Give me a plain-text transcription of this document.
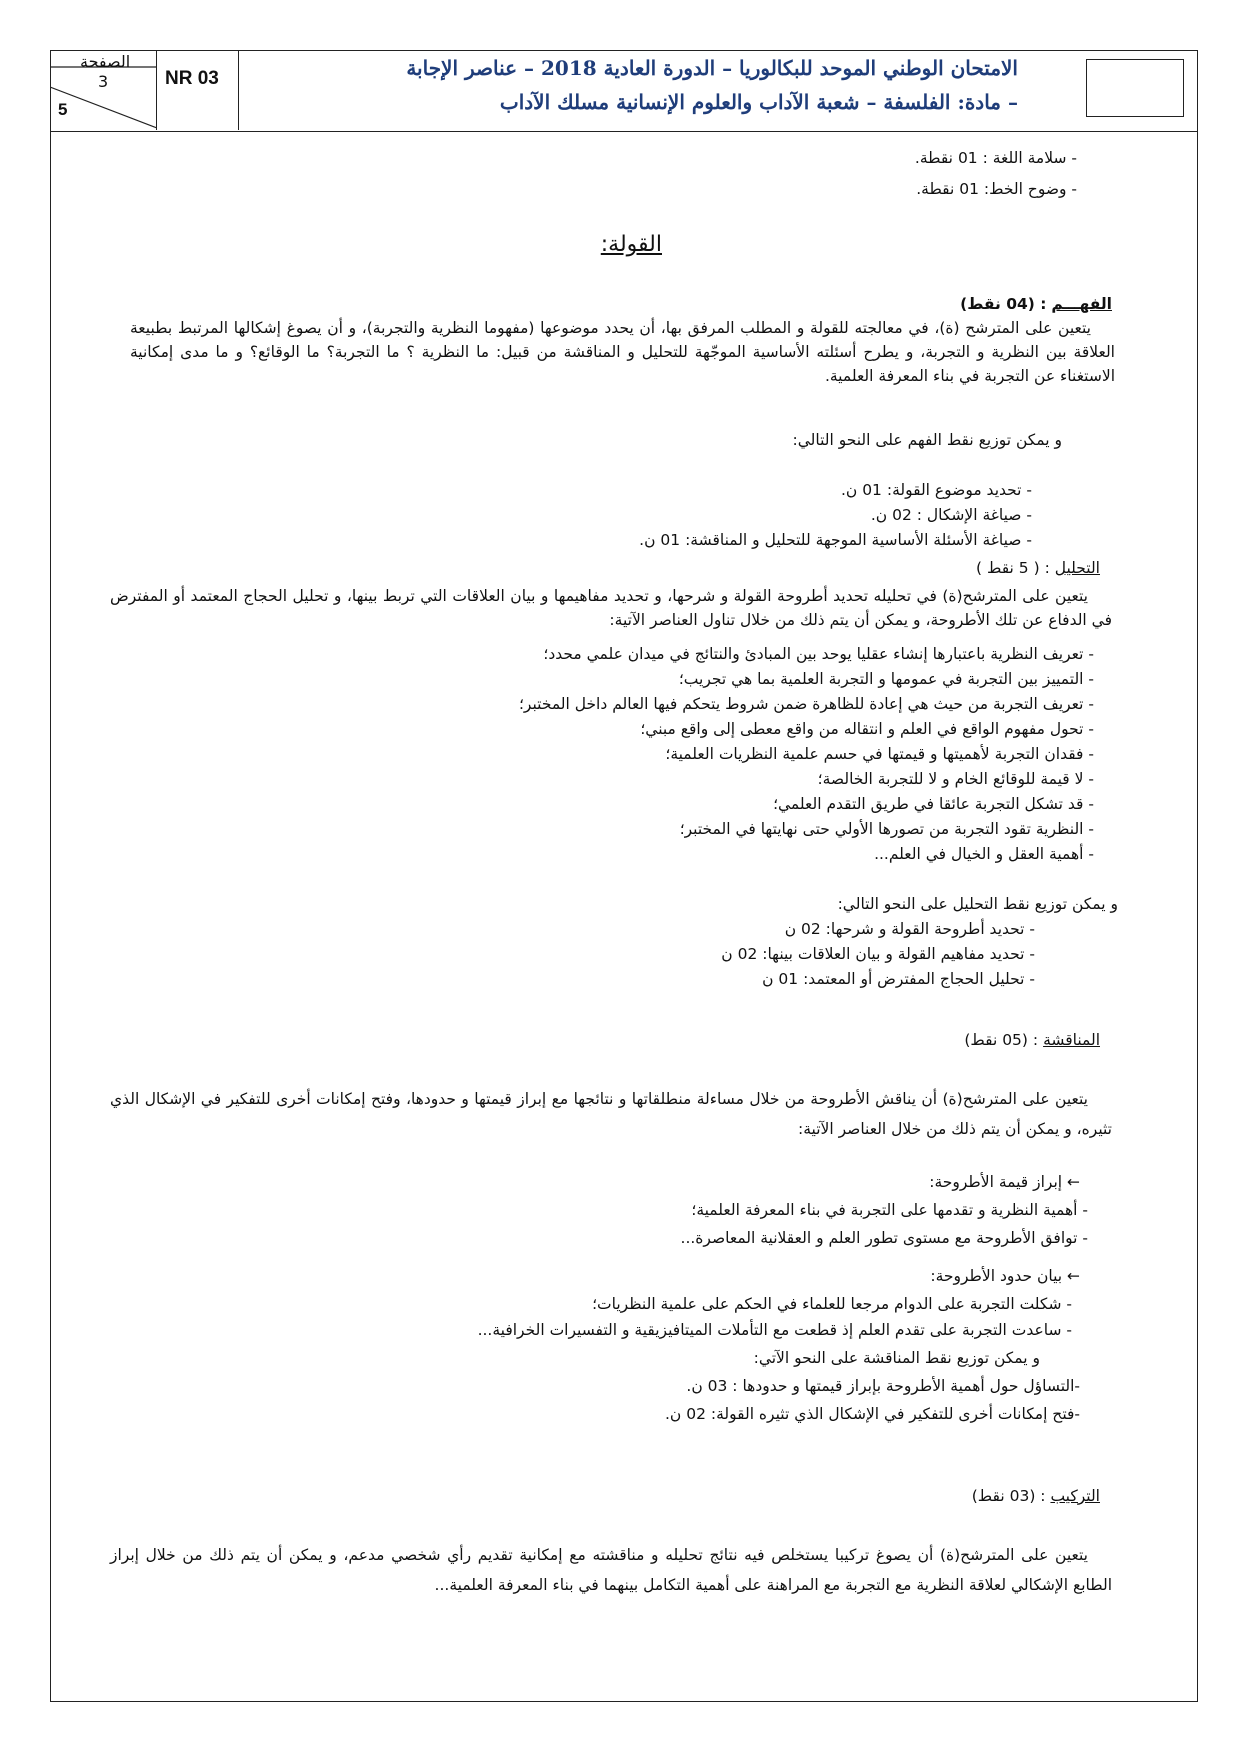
الصفحة
3
5
NR 03	الامتحان الوطني الموحد للبكالوريا – الدورة العادية 2018 – عناصر الإجابة
– مادة: الفلسفة – شعبة الآداب والعلوم الإنسانية مسلك الآداب
- سلامة اللغة : 01 نقطة.
- وضوح الخط: 01 نقطة.
القولة:
الفهـــم : (04 نقط)
يتعين على المترشح (ة)، في معالجته للقولة و المطلب المرفق بها، أن يحدد موضوعها (مفهوما النظرية والتجربة)، و أن يصوغ إشكالها المرتبط بطبيعة العلاقة بين النظرية و التجربة، و يطرح أسئلته الأساسية الموجّهة للتحليل و المناقشة من قبيل: ما النظرية ؟ ما التجربة؟ ما الوقائع؟ و ما مدى إمكانية الاستغناء عن التجربة في بناء المعرفة العلمية.
و يمكن توزيع نقط الفهم على النحو التالي:
- تحديد موضوع القولة: 01 ن.
- صياغة الإشكال : 02 ن.
- صياغة الأسئلة الأساسية الموجهة للتحليل و المناقشة: 01 ن.
التحليل : ( 5 نقط )
يتعين على المترشح(ة) في تحليله تحديد أطروحة القولة و شرحها، و تحديد مفاهيمها و بيان العلاقات التي تربط بينها، و تحليل الحجاج المعتمد أو المفترض في الدفاع عن تلك الأطروحة، و يمكن أن يتم ذلك من خلال تناول العناصر الآتية:
- تعريف النظرية باعتبارها إنشاء عقليا يوحد بين المبادئ والنتائج في ميدان علمي محدد؛
- التمييز بين التجربة في عمومها و التجربة العلمية بما هي تجريب؛
- تعريف التجربة من حيث هي إعادة للظاهرة ضمن شروط يتحكم فيها العالم داخل المختبر؛
- تحول مفهوم الواقع في العلم و انتقاله من واقع معطى إلى واقع مبني؛
- فقدان التجربة لأهميتها و قيمتها في حسم علمية النظريات العلمية؛
- لا قيمة للوقائع الخام و لا للتجربة الخالصة؛
- قد تشكل التجربة عائقا في طريق التقدم العلمي؛
- النظرية تقود التجربة من تصورها الأولي حتى نهايتها في المختبر؛
- أهمية العقل و الخيال في العلم...
و يمكن توزيع نقط التحليل على النحو التالي:
- تحديد أطروحة القولة و شرحها: 02 ن
- تحديد مفاهيم القولة و بيان العلاقات بينها: 02 ن
- تحليل الحجاج المفترض أو المعتمد: 01 ن
المناقشة : (05 نقط)
يتعين على المترشح(ة) أن يناقش الأطروحة من خلال مساءلة منطلقاتها و نتائجها مع إبراز قيمتها و حدودها، وفتح إمكانات أخرى للتفكير في الإشكال الذي تثيره، و يمكن أن يتم ذلك من خلال العناصر الآتية:
← إبراز قيمة الأطروحة:
- أهمية النظرية و تقدمها على التجربة في بناء المعرفة العلمية؛
- توافق الأطروحة مع مستوى تطور العلم و العقلانية المعاصرة...
← بيان حدود الأطروحة:
- شكلت التجربة على الدوام مرجعا للعلماء في الحكم على علمية النظريات؛
- ساعدت التجربة على تقدم العلم إذ قطعت مع التأملات الميتافيزيقية و التفسيرات الخرافية...
و يمكن توزيع نقط المناقشة على النحو الآتي:
-التساؤل حول أهمية الأطروحة بإبراز قيمتها و حدودها : 03 ن.
-فتح إمكانات أخرى للتفكير في الإشكال الذي تثيره القولة: 02 ن.
التركيب : (03 نقط)
يتعين على المترشح(ة) أن يصوغ تركيبا يستخلص فيه نتائج تحليله و مناقشته مع إمكانية تقديم رأي شخصي مدعم، و يمكن أن يتم ذلك من خلال إبراز الطابع الإشكالي لعلاقة النظرية مع التجربة مع المراهنة على أهمية التكامل بينهما في بناء المعرفة العلمية...
